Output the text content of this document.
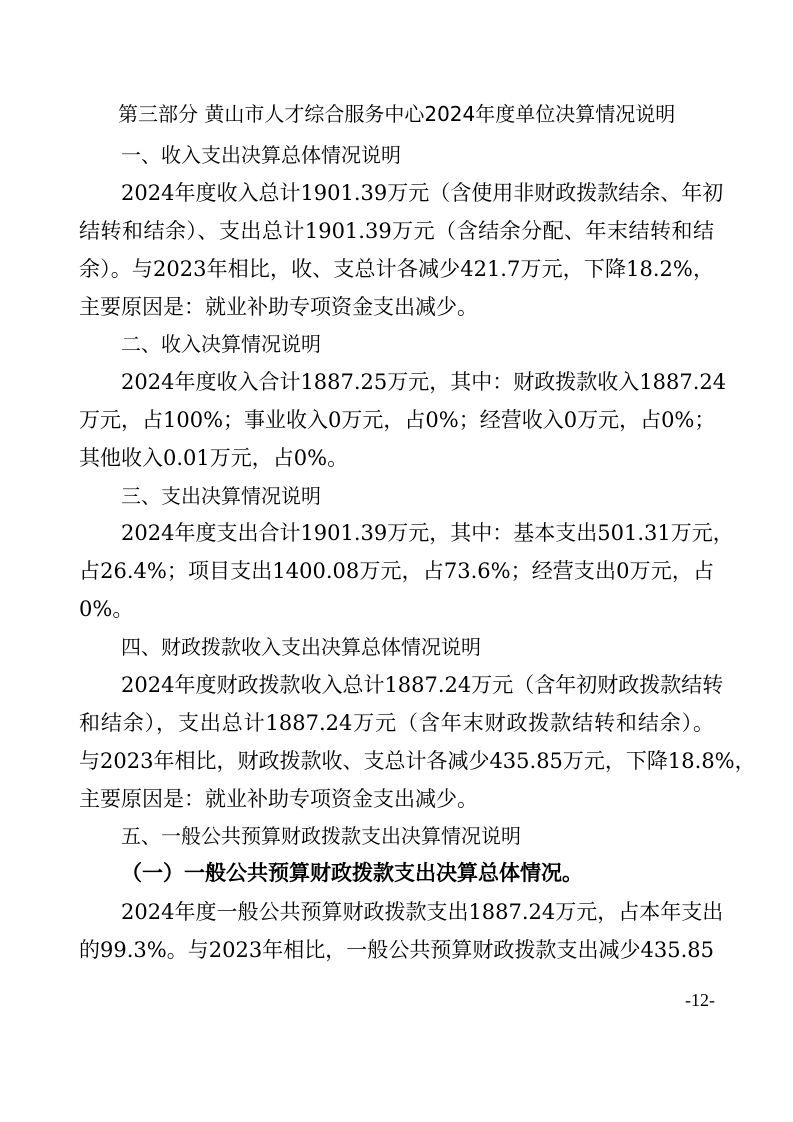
第三部分 黄山市人才综合服务中心2024年度单位决算情况说明
一、收入支出决算总体情况说明
2024年度收入总计1901.39万元（含使用非财政拨款结余、年初
结转和结余）、支出总计1901.39万元（含结余分配、年末结转和结
余）。与2023年相比，收、支总计各减少421.7万元，下降18.2%，
主要原因是：就业补助专项资金支出减少。
二、收入决算情况说明
2024年度收入合计1887.25万元，其中：财政拨款收入1887.24
万元，占100%；事业收入0万元，占0%；经营收入0万元，占0%；
其他收入0.01万元，占0%。
三、支出决算情况说明
2024年度支出合计1901.39万元，其中：基本支出501.31万元，
占26.4%；项目支出1400.08万元，占73.6%；经营支出0万元，占
0%。
四、财政拨款收入支出决算总体情况说明
2024年度财政拨款收入总计1887.24万元（含年初财政拨款结转
和结余），支出总计1887.24万元（含年末财政拨款结转和结余）。
与2023年相比，财政拨款收、支总计各减少435.85万元，下降18.8%，
主要原因是：就业补助专项资金支出减少。
五、一般公共预算财政拨款支出决算情况说明
（一）一般公共预算财政拨款支出决算总体情况。
2024年度一般公共预算财政拨款支出1887.24万元，占本年支出
的99.3%。与2023年相比，一般公共预算财政拨款支出减少435.85
-12-
